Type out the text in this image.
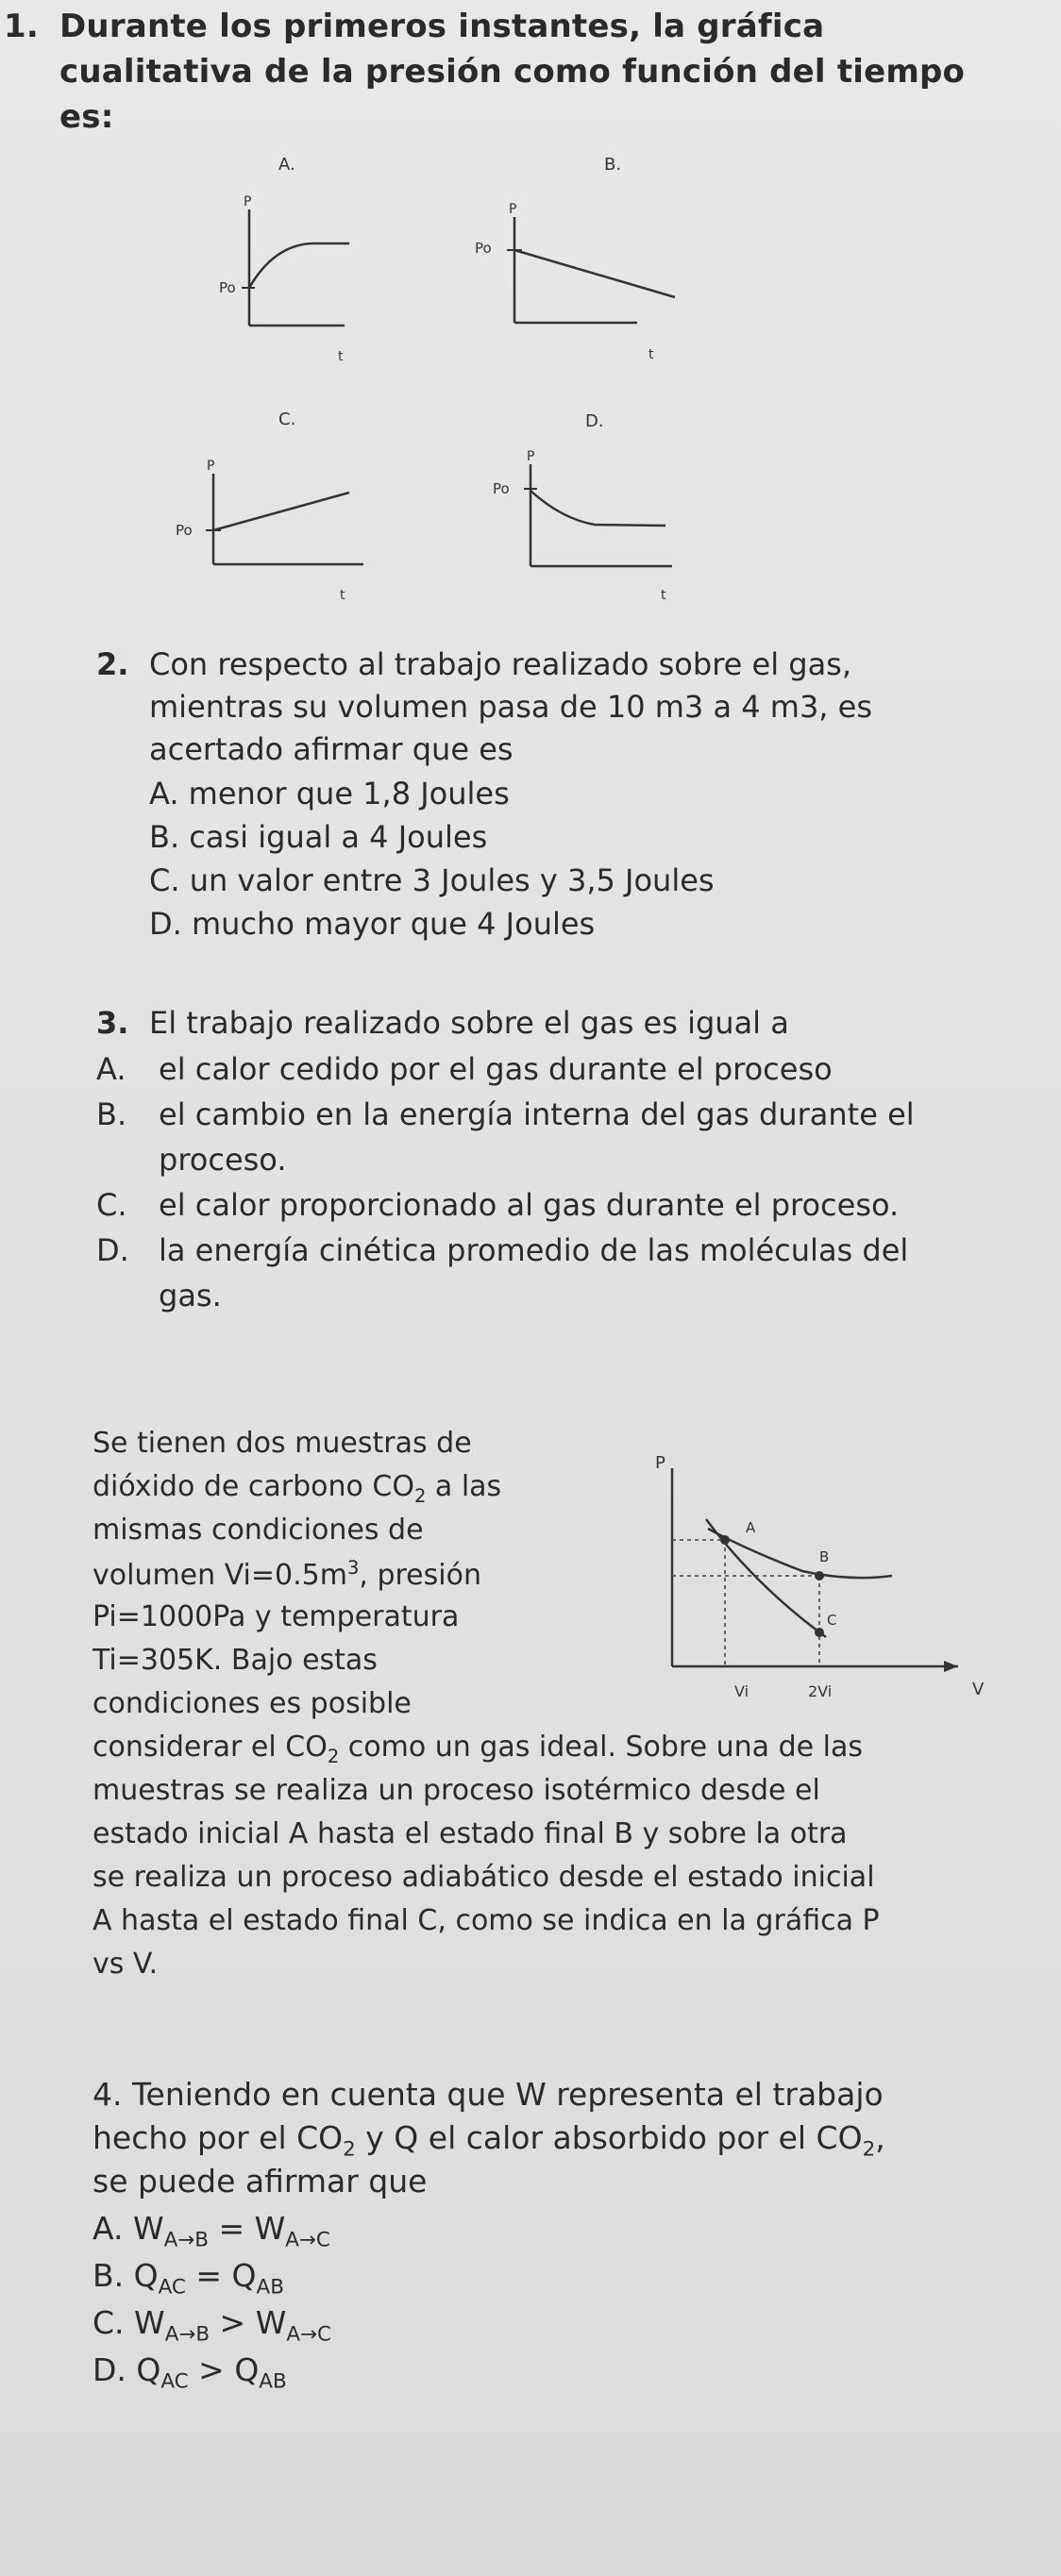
1. Durante los primeros instantes, la gráfica
cualitativa de la presión como función del tiempo
es:
A.
P
Po
t
B.
P
Po
t
C.
P
Po
t
D.
P
Po
t
2. Con respecto al trabajo realizado sobre el gas,
mientras su volumen pasa de 10 m3 a 4 m3, es
acertado afirmar que es
A. menor que 1,8 Joules
B. casi igual a 4 Joules
C. un valor entre 3 Joules y 3,5 Joules
D. mucho mayor que 4 Joules
3. El trabajo realizado sobre el gas es igual a
A. el calor cedido por el gas durante el proceso
B. el cambio en la energía interna del gas durante el
proceso.
C. el calor proporcionado al gas durante el proceso.
D. la energía cinética promedio de las moléculas del
gas.
Se tienen dos muestras de
dióxido de carbono $CO_2$ a las
mismas condiciones de
volumen $Vi=0.5m^3$, presión
Pi=1000Pa y temperatura
Ti=305K. Bajo estas
condiciones es posible
considerar el $CO_2$ como un gas ideal. Sobre una de las
muestras se realiza un proceso isotérmico desde el
estado inicial A hasta el estado final B y sobre la otra
se realiza un proceso adiabático desde el estado inicial
A hasta el estado final C, como se indica en la gráfica P
vs V.
P
A
B
C
V
Vi	2Vi
4. Teniendo en cuenta que W representa el trabajo
hecho por el $CO_2$ y Q el calor absorbido por el $CO_2$,
se puede afirmar que
A. $W_{A\to B} = W_{A\to C}$
B. $Q_{AC} = Q_{AB}$
C. $W_{A\to B} > W_{A\to C}$
D. $Q_{AC} > Q_{AB}$
